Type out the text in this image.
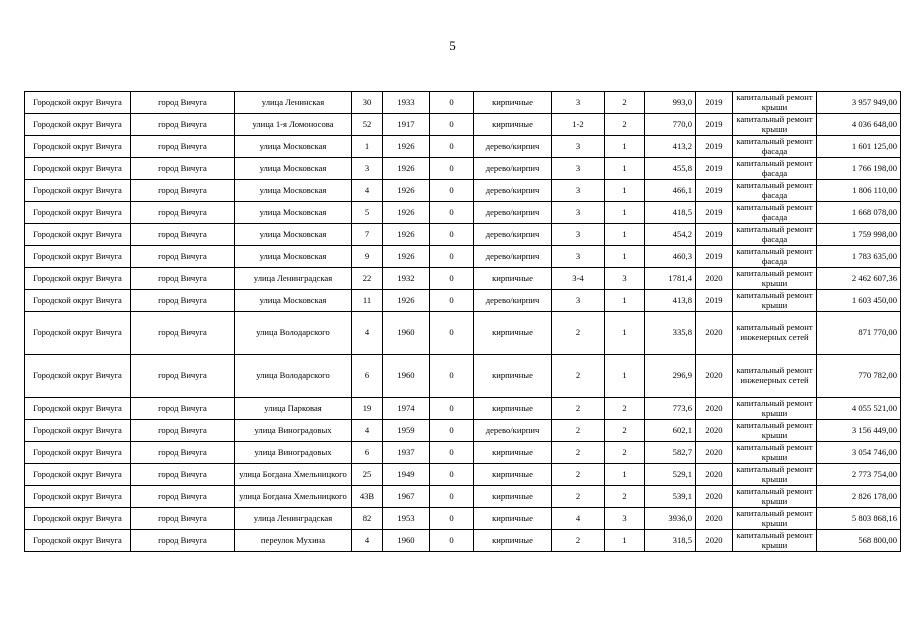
5
Городской округ Вичуга	город Вичуга	улица Ленинская	30	1933	0	кирпичные	3	2	993,0	2019	капитальный ремонт крыши	3 957 949,00
Городской округ Вичуга	город Вичуга	улица 1-я Ломоносова	52	1917	0	кирпичные	1-2	2	770,0	2019	капитальный ремонт крыши	4 036 648,00
Городской округ Вичуга	город Вичуга	улица Московская	1	1926	0	дерево/кирпич	3	1	413,2	2019	капитальный ремонт фасада	1 601 125,00
Городской округ Вичуга	город Вичуга	улица Московская	3	1926	0	дерево/кирпич	3	1	455,8	2019	капитальный ремонт фасада	1 766 198,00
Городской округ Вичуга	город Вичуга	улица Московская	4	1926	0	дерево/кирпич	3	1	466,1	2019	капитальный ремонт фасада	1 806 110,00
Городской округ Вичуга	город Вичуга	улица Московская	5	1926	0	дерево/кирпич	3	1	418,5	2019	капитальный ремонт фасада	1 668 078,00
Городской округ Вичуга	город Вичуга	улица Московская	7	1926	0	дерево/кирпич	3	1	454,2	2019	капитальный ремонт фасада	1 759 998,00
Городской округ Вичуга	город Вичуга	улица Московская	9	1926	0	дерево/кирпич	3	1	460,3	2019	капитальный ремонт фасада	1 783 635,00
Городской округ Вичуга	город Вичуга	улица Ленинградская	22	1932	0	кирпичные	3-4	3	1781,4	2020	капитальный ремонт крыши	2 462 607,36
Городской округ Вичуга	город Вичуга	улица Московская	11	1926	0	дерево/кирпич	3	1	413,8	2019	капитальный ремонт крыши	1 603 450,00
Городской округ Вичуга	город Вичуга	улица Володарского	4	1960	0	кирпичные	2	1	335,8	2020	капитальный ремонт инженерных сетей	871 770,00
Городской округ Вичуга	город Вичуга	улица Володарского	6	1960	0	кирпичные	2	1	296,9	2020	капитальный ремонт инженерных сетей	770 782,00
Городской округ Вичуга	город Вичуга	улица Парковая	19	1974	0	кирпичные	2	2	773,6	2020	капитальный ремонт крыши	4 055 521,00
Городской округ Вичуга	город Вичуга	улица Виноградовых	4	1959	0	дерево/кирпич	2	2	602,1	2020	капитальный ремонт крыши	3 156 449,00
Городской округ Вичуга	город Вичуга	улица Виноградовых	6	1937	0	кирпичные	2	2	582,7	2020	капитальный ремонт крыши	3 054 746,00
Городской округ Вичуга	город Вичуга	улица Богдана Хмельницкого	25	1949	0	кирпичные	2	1	529,1	2020	капитальный ремонт крыши	2 773 754,00
Городской округ Вичуга	город Вичуга	улица Богдана Хмельницкого	43В	1967	0	кирпичные	2	2	539,1	2020	капитальный ремонт крыши	2 826 178,00
Городской округ Вичуга	город Вичуга	улица Ленинградская	82	1953	0	кирпичные	4	3	3936,0	2020	капитальный ремонт крыши	5 803 868,16
Городской округ Вичуга	город Вичуга	переулок Мухина	4	1960	0	кирпичные	2	1	318,5	2020	капитальный ремонт крыши	568 800,00
